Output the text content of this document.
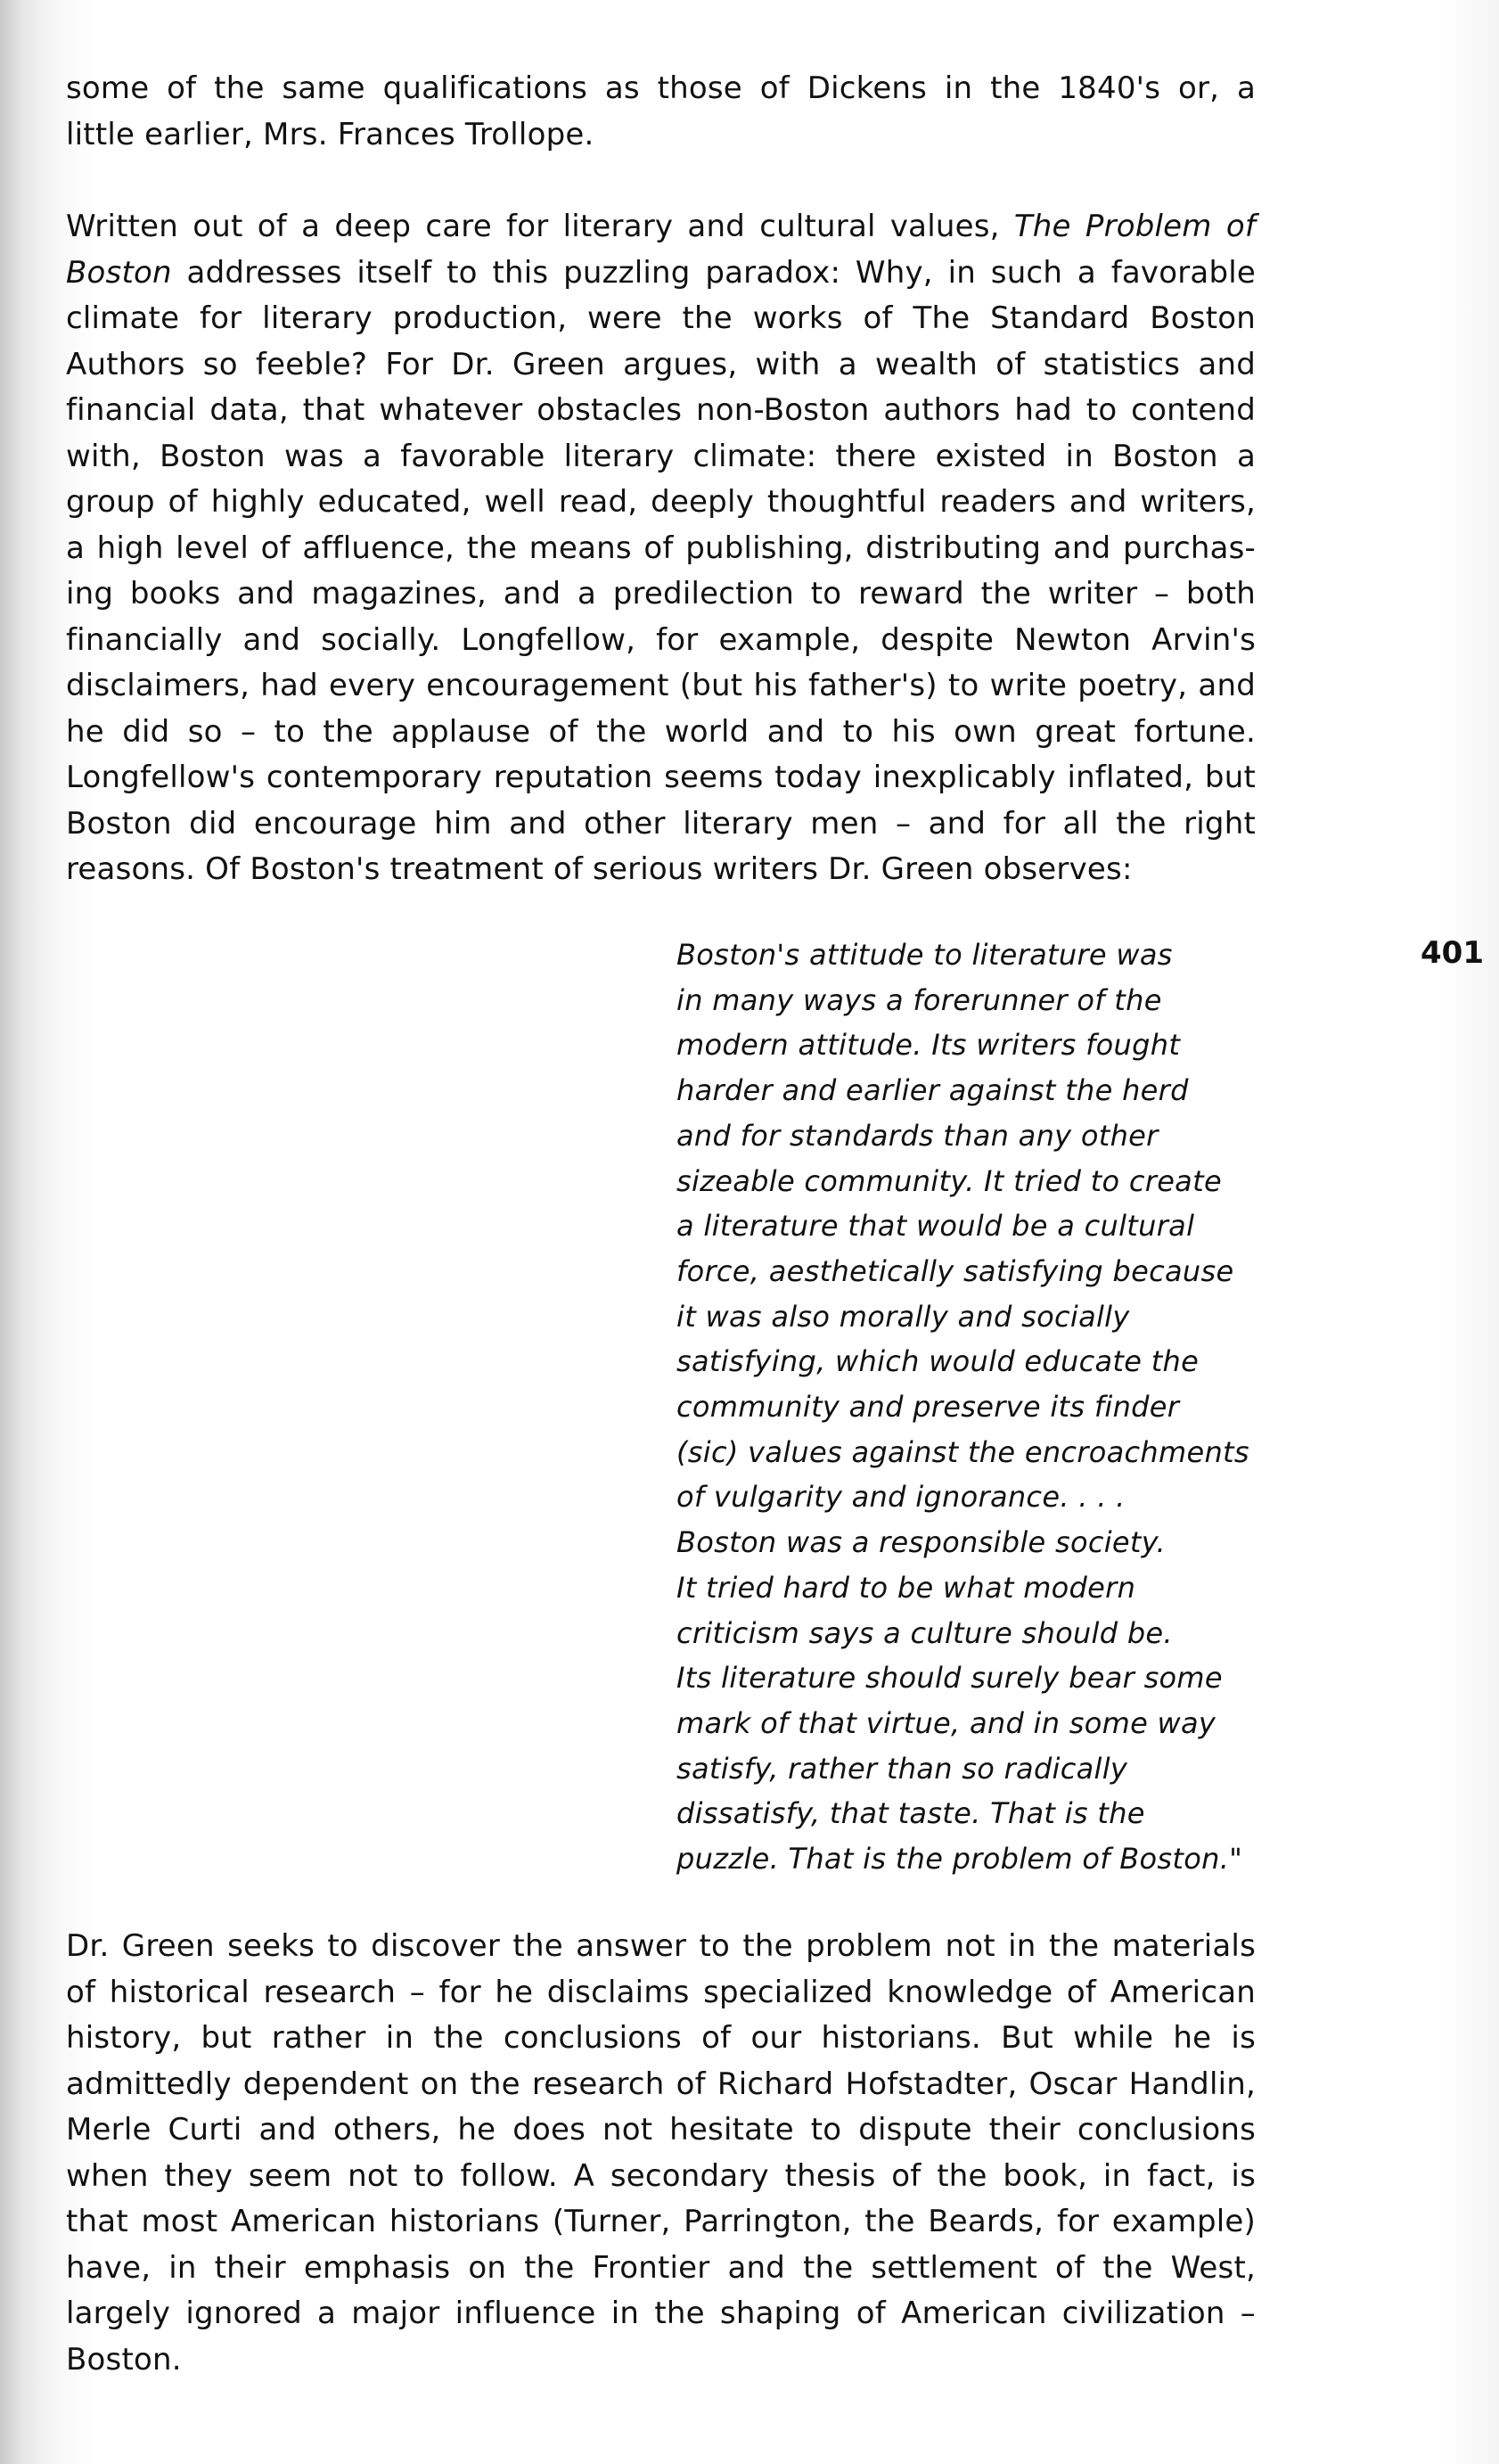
some of the same qualifications as those of Dickens in the 1840's or, a
little earlier, Mrs. Frances Trollope.
Written out of a deep care for literary and cultural values, The Problem of
Boston addresses itself to this puzzling paradox: Why, in such a favorable
climate for literary production, were the works of The Standard Boston
Authors so feeble? For Dr. Green argues, with a wealth of statistics and
financial data, that whatever obstacles non-Boston authors had to contend
with, Boston was a favorable literary climate: there existed in Boston a
group of highly educated, well read, deeply thoughtful readers and writers,
a high level of affluence, the means of publishing, distributing and purchas-
ing books and magazines, and a predilection to reward the writer – both
financially and socially. Longfellow, for example, despite Newton Arvin's
disclaimers, had every encouragement (but his father's) to write poetry, and
he did so – to the applause of the world and to his own great fortune.
Longfellow's contemporary reputation seems today inexplicably inflated, but
Boston did encourage him and other literary men – and for all the right
reasons. Of Boston's treatment of serious writers Dr. Green observes:
Boston's attitude to literature was
in many ways a forerunner of the
modern attitude. Its writers fought
harder and earlier against the herd
and for standards than any other
sizeable community. It tried to create
a literature that would be a cultural
force, aesthetically satisfying because
it was also morally and socially
satisfying, which would educate the
community and preserve its finder
(sic) values against the encroachments
of vulgarity and ignorance. . . .
Boston was a responsible society.
It tried hard to be what modern
criticism says a culture should be.
Its literature should surely bear some
mark of that virtue, and in some way
satisfy, rather than so radically
dissatisfy, that taste. That is the
puzzle. That is the problem of Boston."
401
Dr. Green seeks to discover the answer to the problem not in the materials
of historical research – for he disclaims specialized knowledge of American
history, but rather in the conclusions of our historians. But while he is
admittedly dependent on the research of Richard Hofstadter, Oscar Handlin,
Merle Curti and others, he does not hesitate to dispute their conclusions
when they seem not to follow. A secondary thesis of the book, in fact, is
that most American historians (Turner, Parrington, the Beards, for example)
have, in their emphasis on the Frontier and the settlement of the West,
largely ignored a major influence in the shaping of American civilization –
Boston.
